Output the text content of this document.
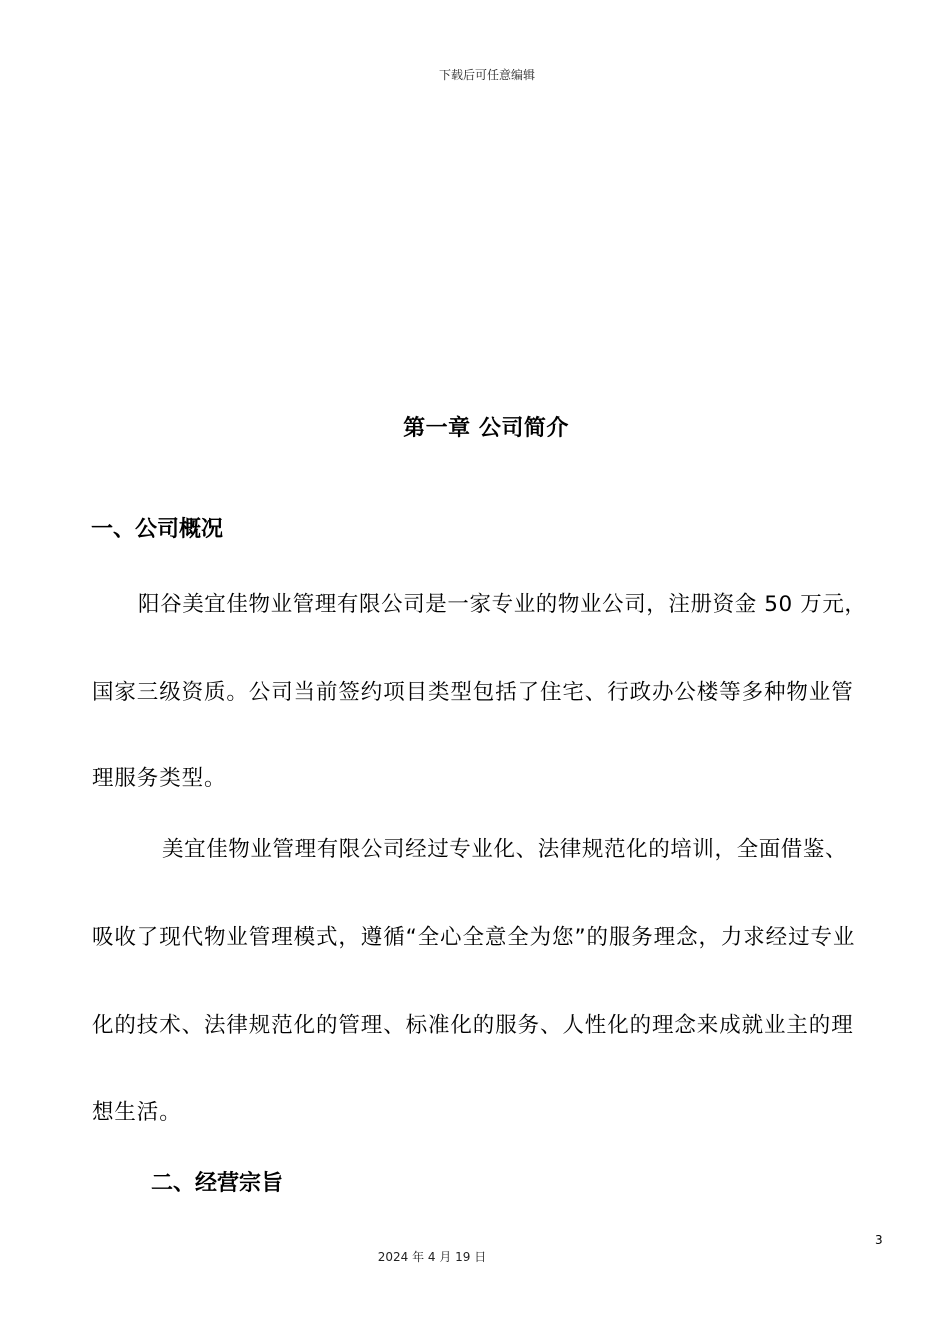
下载后可任意编辑
第一章 公司简介
一、公司概况
阳谷美宜佳物业管理有限公司是一家专业的物业公司，注册资金 50 万元，
国家三级资质。公司当前签约项目类型包括了住宅、行政办公楼等多种物业管
理服务类型。
美宜佳物业管理有限公司经过专业化、法律规范化的培训，全面借鉴、
吸收了现代物业管理模式，遵循“全心全意全为您”的服务理念，力求经过专业
化的技术、法律规范化的管理、标准化的服务、人性化的理念来成就业主的理
想生活。
二、经营宗旨
3
2024 年 4 月 19 日
